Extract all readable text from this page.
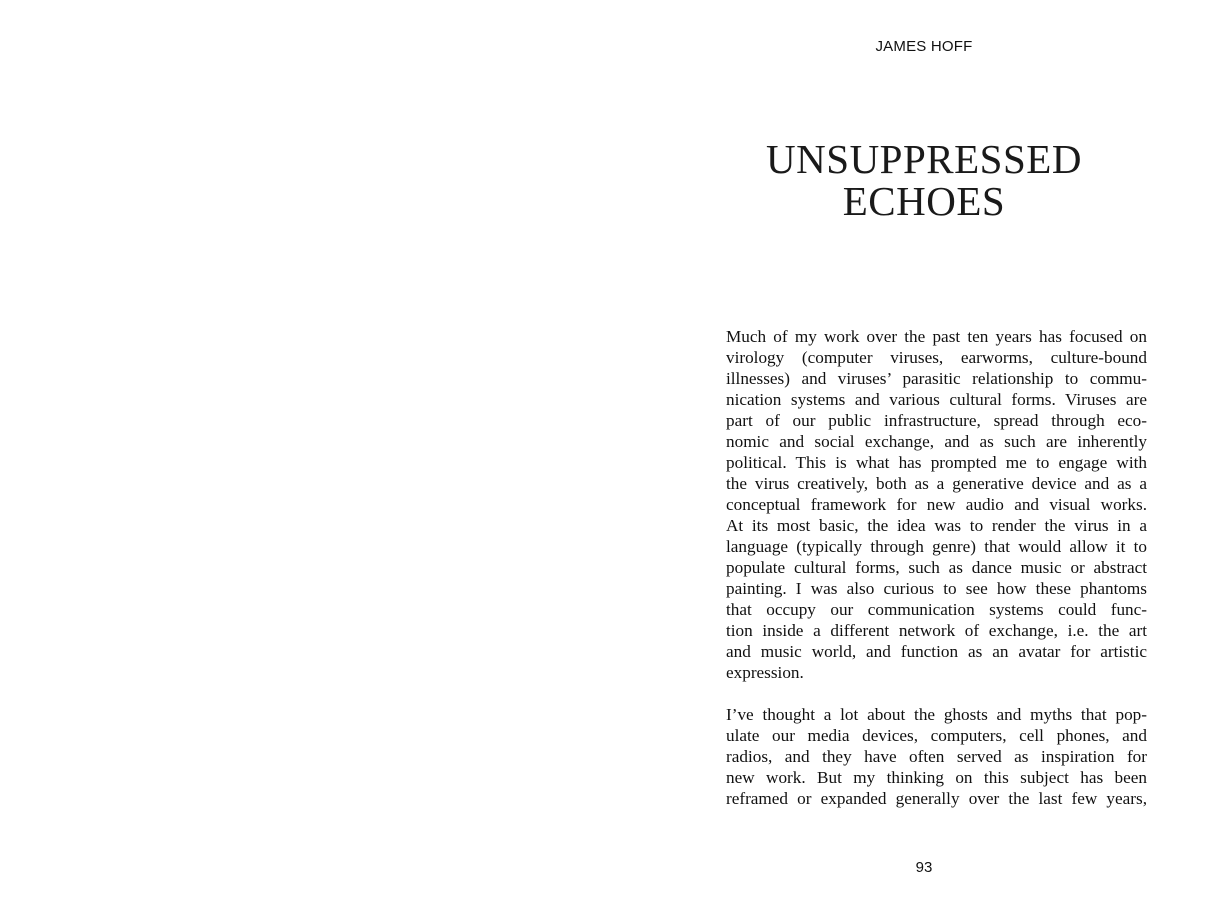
JAMES HOFF
UNSUPPRESSED
ECHOES
Much of my work over the past ten years has focused on
virology (computer viruses, earworms, culture-bound
illnesses) and viruses’ parasitic relationship to commu-
nication systems and various cultural forms. Viruses are
part of our public infrastructure, spread through eco-
nomic and social exchange, and as such are inherently
political. This is what has prompted me to engage with
the virus creatively, both as a generative device and as a
conceptual framework for new audio and visual works.
At its most basic, the idea was to render the virus in a
language (typically through genre) that would allow it to
populate cultural forms, such as dance music or abstract
painting. I was also curious to see how these phantoms
that occupy our communication systems could func-
tion inside a different network of exchange, i.e. the art
and music world, and function as an avatar for artistic
expression.
I’ve thought a lot about the ghosts and myths that pop-
ulate our media devices, computers, cell phones, and
radios, and they have often served as inspiration for
new work. But my thinking on this subject has been
reframed or expanded generally over the last few years,
93
